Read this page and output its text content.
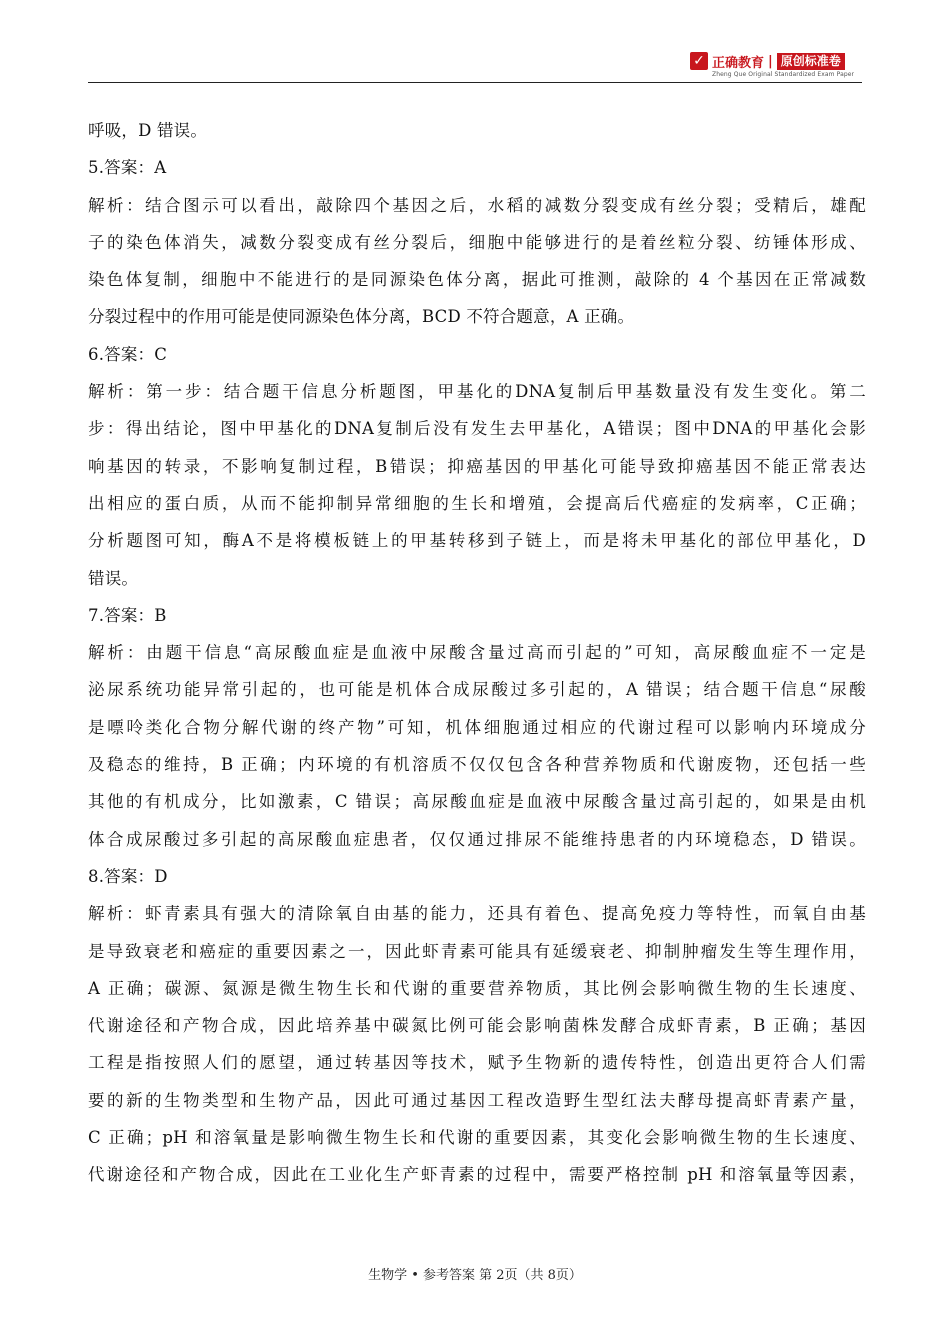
✓ 正确教育 | 原创标准卷
Zheng Que Original Standardized Exam Paper
呼吸，D 错误。
5.答案：A
解析：结合图示可以看出，敲除四个基因之后，水稻的减数分裂变成有丝分裂；受精后，雄配
子的染色体消失，减数分裂变成有丝分裂后，细胞中能够进行的是着丝粒分裂、纺锤体形成、
染色体复制，细胞中不能进行的是同源染色体分离，据此可推测，敲除的 4 个基因在正常减数
分裂过程中的作用可能是使同源染色体分离，BCD 不符合题意，A 正确。
6.答案：C
解析：第一步：结合题干信息分析题图，甲基化的DNA复制后甲基数量没有发生变化。第二
步：得出结论，图中甲基化的DNA复制后没有发生去甲基化，A错误；图中DNA的甲基化会影
响基因的转录，不影响复制过程，B错误；抑癌基因的甲基化可能导致抑癌基因不能正常表达
出相应的蛋白质，从而不能抑制异常细胞的生长和增殖，会提高后代癌症的发病率，C正确；
分析题图可知，酶A不是将模板链上的甲基转移到子链上，而是将未甲基化的部位甲基化，D
错误。
7.答案：B
解析：由题干信息“高尿酸血症是血液中尿酸含量过高而引起的”可知，高尿酸血症不一定是
泌尿系统功能异常引起的，也可能是机体合成尿酸过多引起的，A 错误；结合题干信息“尿酸
是嘌呤类化合物分解代谢的终产物”可知，机体细胞通过相应的代谢过程可以影响内环境成分
及稳态的维持，B 正确；内环境的有机溶质不仅仅包含各种营养物质和代谢废物，还包括一些
其他的有机成分，比如激素，C 错误；高尿酸血症是血液中尿酸含量过高引起的，如果是由机
体合成尿酸过多引起的高尿酸血症患者，仅仅通过排尿不能维持患者的内环境稳态，D 错误。
8.答案：D
解析：虾青素具有强大的清除氧自由基的能力，还具有着色、提高免疫力等特性，而氧自由基
是导致衰老和癌症的重要因素之一，因此虾青素可能具有延缓衰老、抑制肿瘤发生等生理作用，
A 正确；碳源、氮源是微生物生长和代谢的重要营养物质，其比例会影响微生物的生长速度、
代谢途径和产物合成，因此培养基中碳氮比例可能会影响菌株发酵合成虾青素，B 正确；基因
工程是指按照人们的愿望，通过转基因等技术，赋予生物新的遗传特性，创造出更符合人们需
要的新的生物类型和生物产品，因此可通过基因工程改造野生型红法夫酵母提高虾青素产量，
C 正确；pH 和溶氧量是影响微生物生长和代谢的重要因素，其变化会影响微生物的生长速度、
代谢途径和产物合成，因此在工业化生产虾青素的过程中，需要严格控制 pH 和溶氧量等因素，
生物学 • 参考答案 第 2页（共 8页）
